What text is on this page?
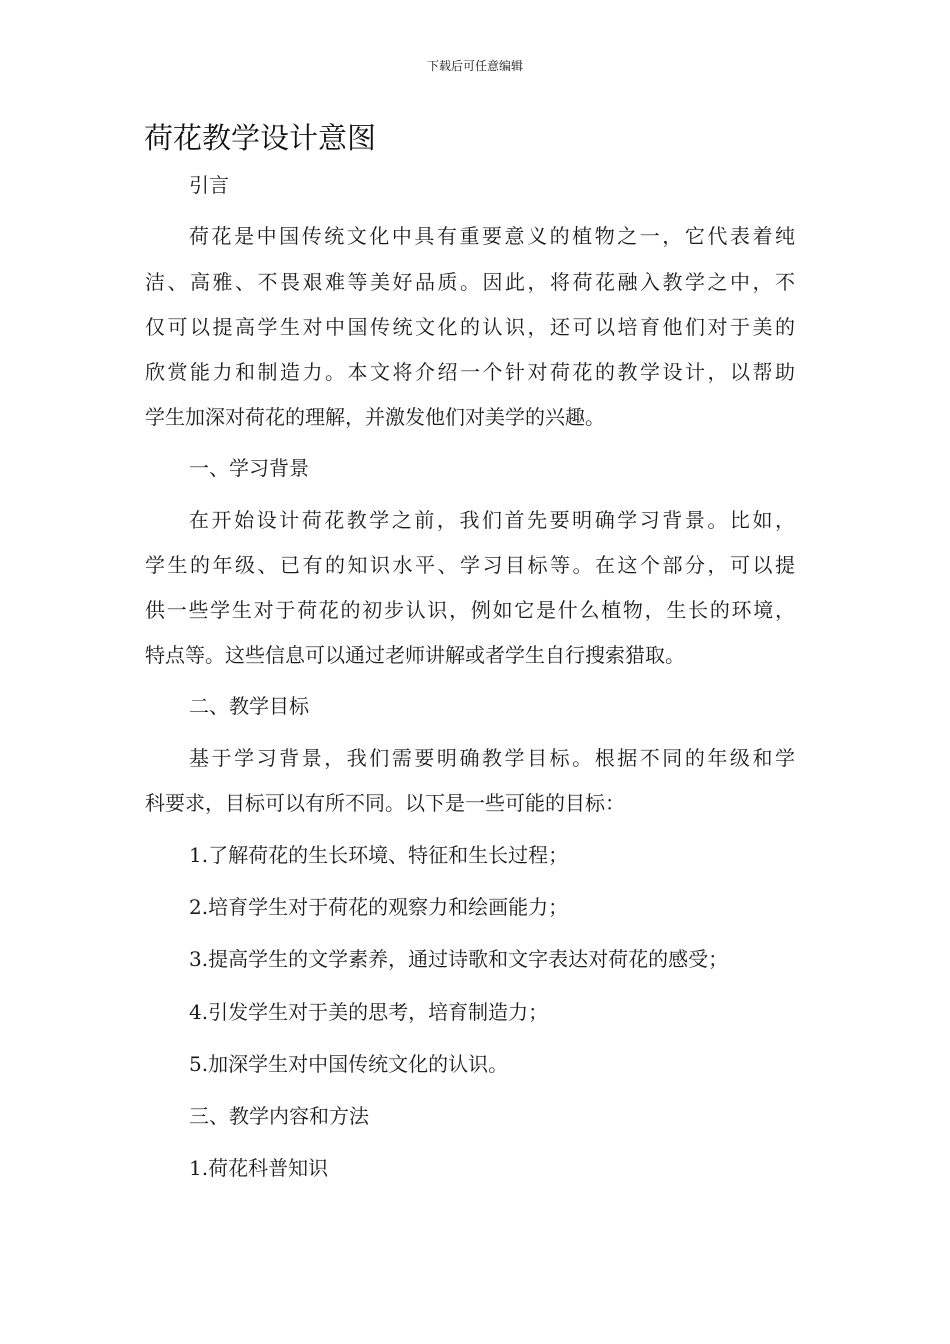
下载后可任意编辑
荷花教学设计意图
引言
荷花是中国传统文化中具有重要意义的植物之一，它代表着纯
洁、高雅、不畏艰难等美好品质。因此，将荷花融入教学之中，不
仅可以提高学生对中国传统文化的认识，还可以培育他们对于美的
欣赏能力和制造力。本文将介绍一个针对荷花的教学设计，以帮助
学生加深对荷花的理解，并激发他们对美学的兴趣。
一、学习背景
在开始设计荷花教学之前，我们首先要明确学习背景。比如，
学生的年级、已有的知识水平、学习目标等。在这个部分，可以提
供一些学生对于荷花的初步认识，例如它是什么植物，生长的环境，
特点等。这些信息可以通过老师讲解或者学生自行搜索猎取。
二、教学目标
基于学习背景，我们需要明确教学目标。根据不同的年级和学
科要求，目标可以有所不同。以下是一些可能的目标：
1.了解荷花的生长环境、特征和生长过程；
2.培育学生对于荷花的观察力和绘画能力；
3.提高学生的文学素养，通过诗歌和文字表达对荷花的感受；
4.引发学生对于美的思考，培育制造力；
5.加深学生对中国传统文化的认识。
三、教学内容和方法
1.荷花科普知识
